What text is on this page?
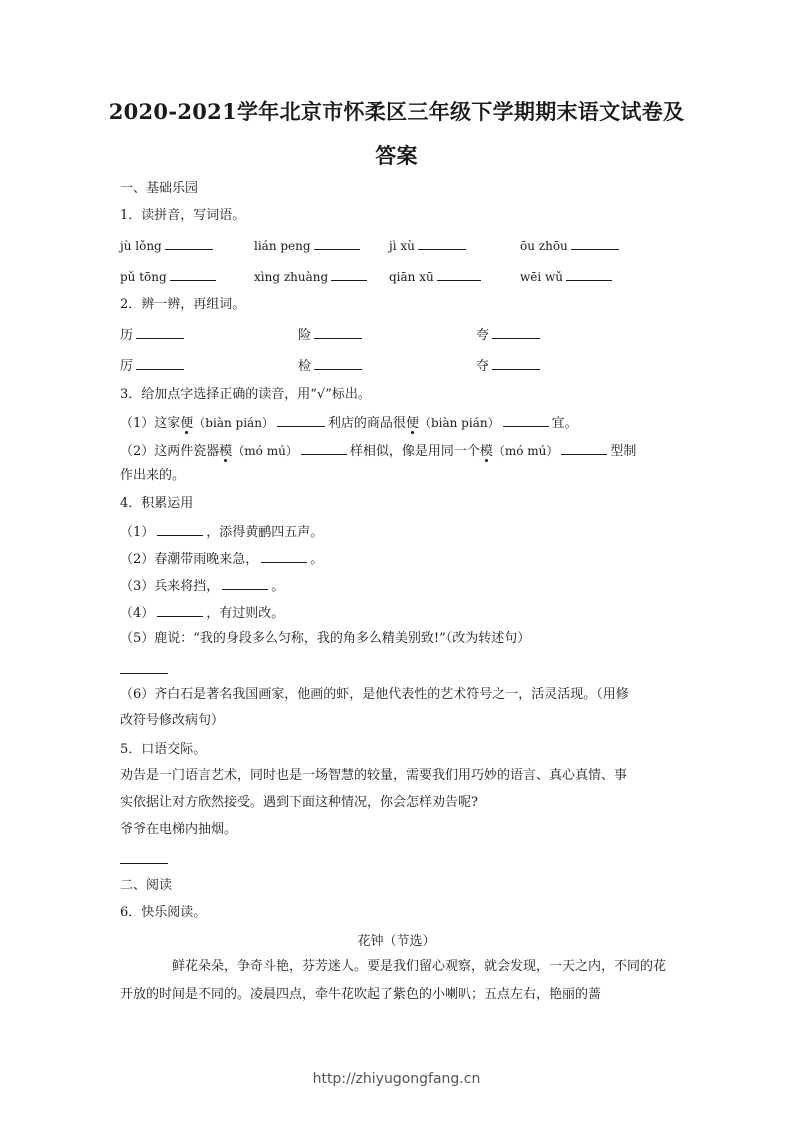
2020-2021学年北京市怀柔区三年级下学期期末语文试卷及
答案
一、基础乐园
1．读拼音，写词语。
jù lǒng	lián peng	jì xù	ōu zhōu
pǔ tōng	xìng zhuàng	qiān xū	wēi wǔ
2．辨一辨，再组词。
历	险	夸
厉	检	夺
3．给加点字选择正确的读音，用“√”标出。
（1）这家便（biàn pián）	利店的商品很便（biàn pián）	宜。
（2）这两件瓷器模（mó mú）	样相似，像是用同一个模（mó mú）	型制
作出来的。
4．积累运用
（1）	，添得黄鹂四五声。
（2）春潮带雨晚来急，	。
（3）兵来将挡，	。
（4）	，有过则改。
（5）鹿说：“我的身段多么匀称，我的角多么精美别致!”（改为转述句）
（6）齐白石是著名我国画家，他画的虾，是他代表性的艺术符号之一，活灵活现。（用修
改符号修改病句）
5．口语交际。
劝告是一门语言艺术，同时也是一场智慧的较量，需要我们用巧妙的语言、真心真情、事
实依据让对方欣然接受。遇到下面这种情况，你会怎样劝告呢?
爷爷在电梯内抽烟。
二、阅读
6．快乐阅读。
花钟（节选）
鲜花朵朵，争奇斗艳，芬芳迷人。要是我们留心观察，就会发现，一天之内，不同的花开放的时间是不同的。凌晨四点，牵牛花吹起了紫色的小喇叭；五点左右，艳丽的蔷
http://zhiyugongfang.cn
